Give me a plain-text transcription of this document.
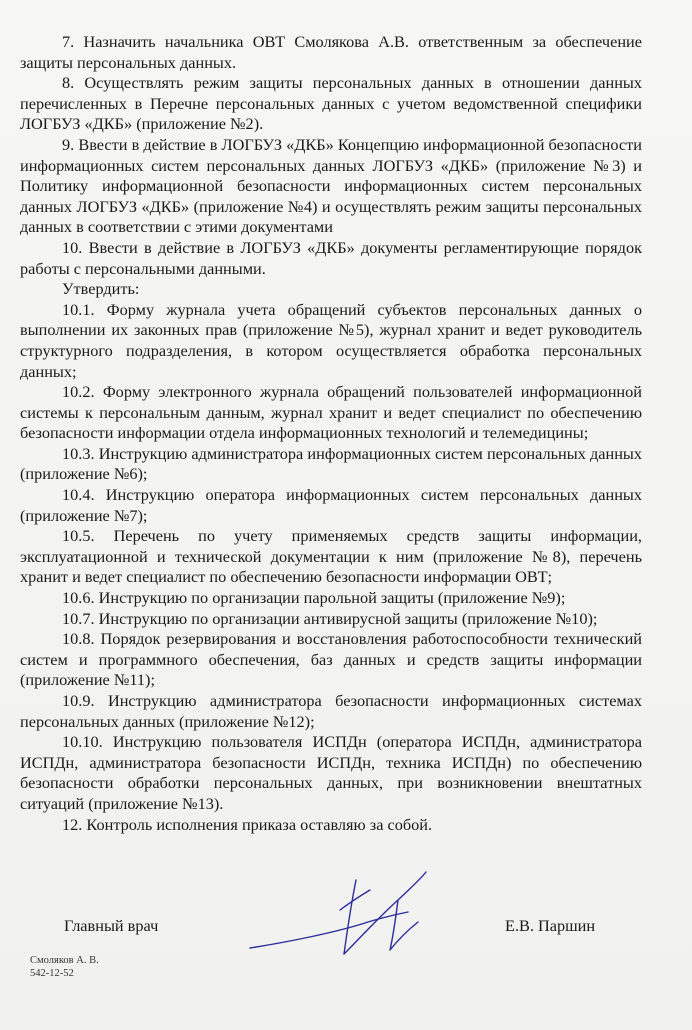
7. Назначить начальника ОВТ Смолякова А.В. ответственным за обеспечение защиты персональных данных.

8. Осуществлять режим защиты персональных данных в отношении данных перечисленных в Перечне персональных данных с учетом ведомственной специфики ЛОГБУЗ «ДКБ» (приложение №2).

9. Ввести в действие в ЛОГБУЗ «ДКБ» Концепцию информационной безопасности информационных систем персональных данных ЛОГБУЗ «ДКБ» (приложение №3) и Политику информационной безопасности информационных систем персональных данных ЛОГБУЗ «ДКБ» (приложение №4) и осуществлять режим защиты персональных данных в соответствии с этими документами

10. Ввести в действие в ЛОГБУЗ «ДКБ» документы регламентирующие порядок работы с персональными данными.

Утвердить:

10.1. Форму журнала учета обращений субъектов персональных данных о выполнении их законных прав (приложение №5), журнал хранит и ведет руководитель структурного подразделения, в котором осуществляется обработка персональных данных;

10.2. Форму электронного журнала обращений пользователей информационной системы к персональным данным, журнал хранит и ведет специалист по обеспечению безопасности информации отдела информационных технологий и телемедицины;

10.3. Инструкцию администратора информационных систем персональных данных (приложение №6);

10.4. Инструкцию оператора информационных систем персональных данных (приложение №7);

10.5. Перечень по учету применяемых средств защиты информации, эксплуатационной и технической документации к ним (приложение №8), перечень хранит и ведет специалист по обеспечению безопасности информации ОВТ;

10.6. Инструкцию по организации парольной защиты (приложение №9);

10.7. Инструкцию по организации антивирусной защиты (приложение №10);

10.8. Порядок резервирования и восстановления работоспособности технический систем и программного обеспечения, баз данных и средств защиты информации (приложение №11);

10.9. Инструкцию администратора безопасности информационных системах персональных данных (приложение №12);

10.10. Инструкцию пользователя ИСПДн (оператора ИСПДн, администратора ИСПДн, администратора безопасности ИСПДн, техника ИСПДн) по обеспечению безопасности обработки персональных данных, при возникновении внештатных ситуаций (приложение №13).

12. Контроль исполнения приказа оставляю за собой.

Главный врач	Е.В. Паршин
Смоляков А. В.
542-12-52
